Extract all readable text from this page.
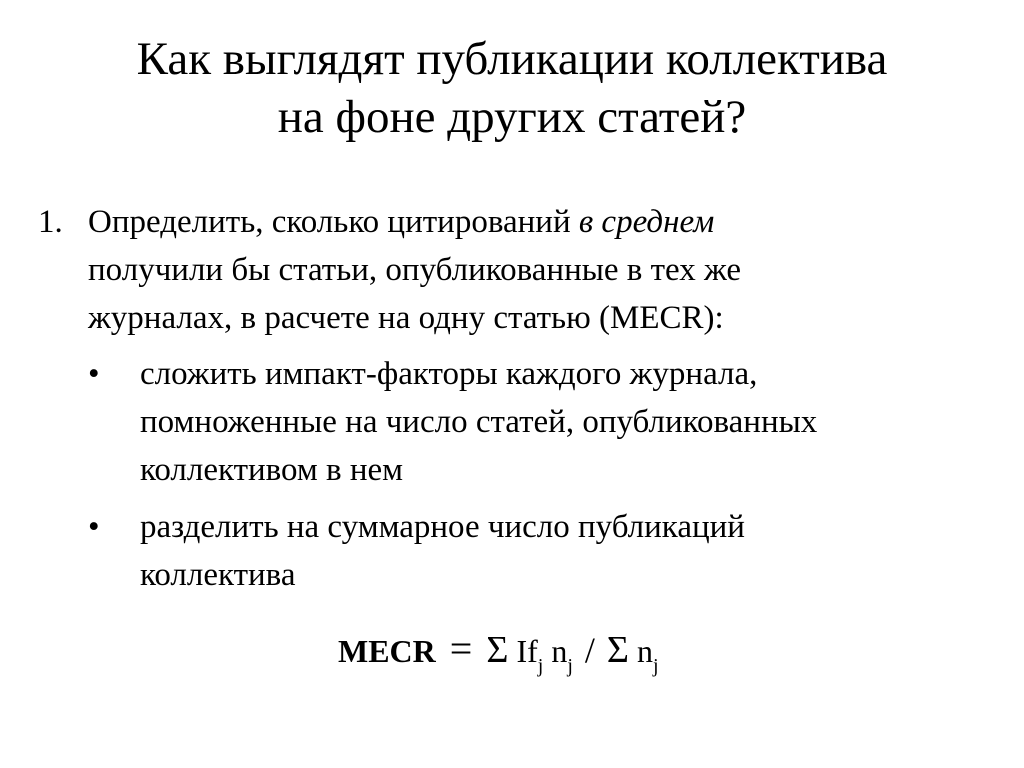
Как выглядят публикации коллектива
на фоне других статей?
1. Определить, сколько цитирований в среднем
получили бы статьи, опубликованные в тех же
журналах, в расчете на одну статью (MECR):
• сложить импакт-факторы каждого журнала,
помноженные на число статей, опубликованных
коллективом в нем
• разделить на суммарное число публикаций
коллектива
MECR = Σ $If_j$ $n_j$ / Σ $n_j$
